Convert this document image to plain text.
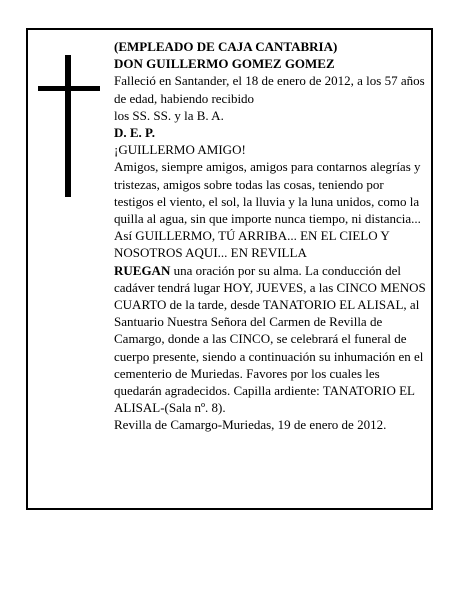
(EMPLEADO DE CAJA CANTABRIA)

DON GUILLERMO GOMEZ GOMEZ

Falleció en Santander, el 18 de enero de 2012, a los 57 años de edad, habiendo recibido

los SS. SS. y la B. A.

D. E. P.

¡GUILLERMO AMIGO!

Amigos, siempre amigos, amigos para contarnos alegrías y tristezas, amigos sobre todas las cosas, teniendo por testigos el viento, el sol, la lluvia y la luna unidos, como la quilla al agua, sin que importe nunca tiempo, ni distancia...

Así GUILLERMO, TÚ ARRIBA... EN EL CIELO Y NOSOTROS AQUI... EN REVILLA

RUEGAN una oración por su alma. La conducción del cadáver tendrá lugar HOY, JUEVES, a las CINCO MENOS CUARTO de la tarde, desde TANATORIO EL ALISAL, al Santuario Nuestra Señora del Carmen de Revilla de Camargo, donde a las CINCO, se celebrará el funeral de cuerpo presente, siendo a continuación su inhumación en el cementerio de Muriedas. Favores por los cuales les quedarán agradecidos. Capilla ardiente: TANATORIO EL ALISAL-(Sala nº. 8).

Revilla de Camargo-Muriedas, 19 de enero de 2012.
